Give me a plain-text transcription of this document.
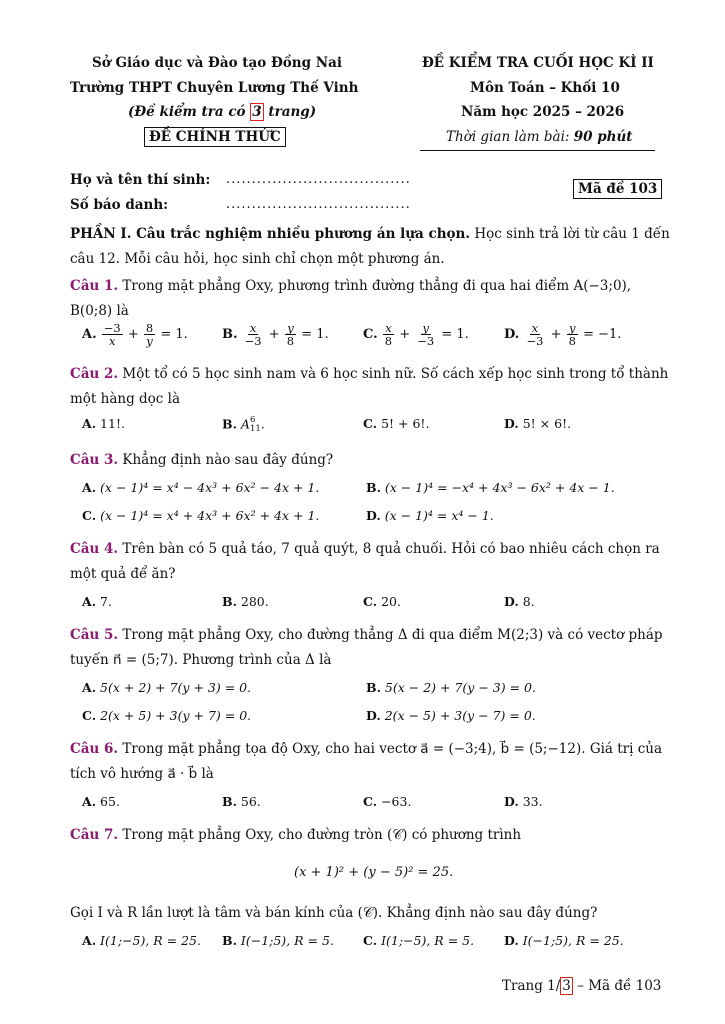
Sở Giáo dục và Đào tạo Đồng Nai
Trường THPT Chuyên Lương Thế Vinh
(Đề kiểm tra có 3 trang)
ĐỀ CHÍNH THỨC
ĐỀ KIỂM TRA CUỐI HỌC KÌ II
Môn Toán – Khối 10
Năm học 2025 – 2026
Thời gian làm bài: 90 phút
Họ và tên thí sinh: ....................................
Số báo danh:	....................................
Mã đề 103
PHẦN I. Câu trắc nghiệm nhiều phương án lựa chọn. Học sinh trả lời từ câu 1 đến
câu 12. Mỗi câu hỏi, học sinh chỉ chọn một phương án.
Câu 1. Trong mặt phẳng Oxy, phương trình đường thẳng đi qua hai điểm A(−3;0),
B(0;8) là
A. $\frac{-3}{x} + \frac{8}{y} = 1$.	B. $\frac{x}{-3} + \frac{y}{8} = 1$.	C. $\frac{x}{8} + \frac{y}{-3} = 1$.	D. $\frac{x}{-3} + \frac{y}{8} = -1$.
Câu 2. Một tổ có 5 học sinh nam và 6 học sinh nữ. Số cách xếp học sinh trong tổ thành
một hàng dọc là
A. 11!.	B. A 6
11 .	C. 5! + 6!.	D. 5! × 6!.
Câu 3. Khẳng định nào sau đây đúng?
A. (x − 1)⁴ = x⁴ − 4x³ + 6x² − 4x + 1.	B. (x − 1)⁴ = −x⁴ + 4x³ − 6x² + 4x − 1.
C. (x − 1)⁴ = x⁴ + 4x³ + 6x² + 4x + 1.	D. (x − 1)⁴ = x⁴ − 1.
Câu 4. Trên bàn có 5 quả táo, 7 quả quýt, 8 quả chuối. Hỏi có bao nhiêu cách chọn ra
một quả để ăn?
A. 7.	B. 280.	C. 20.	D. 8.
Câu 5. Trong mặt phẳng Oxy, cho đường thẳng Δ đi qua điểm M(2;3) và có vectơ pháp
tuyến n⃗ = (5;7). Phương trình của Δ là
A. 5(x + 2) + 7(y + 3) = 0.	B. 5(x − 2) + 7(y − 3) = 0.
C. 2(x + 5) + 3(y + 7) = 0.	D. 2(x − 5) + 3(y − 7) = 0.
Câu 6. Trong mặt phẳng tọa độ Oxy, cho hai vectơ a⃗ = (−3;4), b⃗ = (5;−12). Giá trị của
tích vô hướng a⃗ · b⃗ là
A. 65.	B. 56.	C. −63.	D. 33.
Câu 7. Trong mặt phẳng Oxy, cho đường tròn (𝒞) có phương trình
(x + 1)² + (y − 5)² = 25.
Gọi I và R lần lượt là tâm và bán kính của (𝒞). Khẳng định nào sau đây đúng?
A. I(1;−5), R = 25. B. I(−1;5), R = 5. C. I(1;−5), R = 5. D. I(−1;5), R = 25.
Trang 1/ 3 – Mã đề 103
